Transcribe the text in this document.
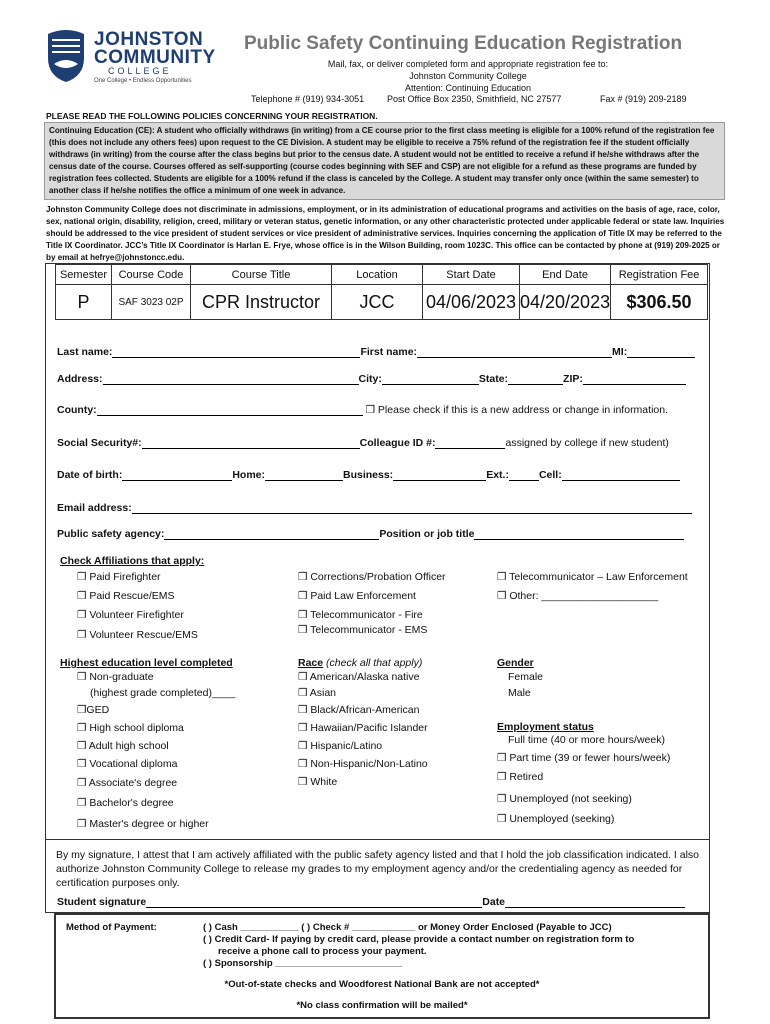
JOHNSTON
COMMUNITY
COLLEGE
One College • Endless Opportunities
Public Safety Continuing Education Registration
Mail, fax, or deliver completed form and appropriate registration fee to:
Johnston Community College
Attention: Continuing Education
Telephone # (919) 934-3051	Post Office Box 2350, Smithfield, NC 27577	Fax # (919) 209-2189
PLEASE READ THE FOLLOWING POLICIES CONCERNING YOUR REGISTRATION.
Continuing Education (CE): A student who officially withdraws (in writing) from a CE course prior to the first class meeting is eligible for a 100% refund of the registration fee (this does not include any others fees) upon request to the CE Division. A student may be eligible to receive a 75% refund of the registration fee if the student officially withdraws (in writing) from the course after the class begins but prior to the census date. A student would not be entitled to receive a refund if he/she withdraws after the census date of the course. Courses offered as self-supporting (course codes beginning with SEF and CSP) are not eligible for a refund as these programs are funded by registration fees collected. Students are eligible for a 100% refund if the class is canceled by the College. A student may transfer only once (within the same semester) to another class if he/she notifies the office a minimum of one week in advance.
Johnston Community College does not discriminate in admissions, employment, or in its administration of educational programs and activities on the basis of age, race, color, sex, national origin, disability, religion, creed, military or veteran status, genetic information, or any other characteristic protected under applicable federal or state law. Inquiries should be addressed to the vice president of student services or vice president of administrative services. Inquiries concerning the application of Title IX may be referred to the Title IX Coordinator. JCC’s Title IX Coordinator is Harlan E. Frye, whose office is in the Wilson Building, room 1023C. This office can be contacted by phone at (919) 209-2025 or by email at hefrye@johnstoncc.edu.
Semester	Course Code	Course Title	Location	Start Date	End Date	Registration Fee
P	SAF 3023 02P	CPR Instructor	JCC	04/06/2023	04/20/2023	$306.50
Last name:	First name:	MI:
Address:	City:	State:	ZIP:
County:	❒ Please check if this is a new address or change in information.
Social Security#:	Colleague ID #:	assigned by college if new student)
Date of birth:	Home:	Business:	Ext.:	Cell:
Email address:
Public safety agency:	Position or job title
Check Affiliations that apply:
❒ Paid Firefighter
❒ Paid Rescue/EMS
❒ Volunteer Firefighter
❒ Volunteer Rescue/EMS
❒ Corrections/Probation Officer
❒ Paid Law Enforcement
❒ Telecommunicator - Fire
❒ Telecommunicator - EMS
❒ Telecommunicator – Law Enforcement
❒ Other: ____________________
Highest education level completed
❒ Non-graduate
(highest grade completed)____
❒GED
❒ High school diploma
❒ Adult high school
❒ Vocational diploma
❒ Associate's degree
❒ Bachelor's degree
❒ Master's degree or higher
Race (check all that apply)
❒ American/Alaska native
❒ Asian
❒ Black/African-American
❒ Hawaiian/Pacific Islander
❒ Hispanic/Latino
❒ Non-Hispanic/Non-Latino
❒ White
Gender
Female
Male
Employment status
Full time (40 or more hours/week)
❒ Part time (39 or fewer hours/week)
❒ Retired
❒ Unemployed (not seeking)
❒ Unemployed (seeking)
By my signature, I attest that I am actively affiliated with the public safety agency listed and that I hold the job classification indicated. I also authorize Johnston Community College to release my grades to my employment agency and/or the credentialing agency as needed for certification purposes only.
Student signature	Date
Method of Payment:	( ) Cash ___________ ( ) Check # ____________ or Money Order Enclosed (Payable to JCC)
( ) Credit Card- If paying by credit card, please provide a contact number on registration form to
receive a phone call to process your payment.
( ) Sponsorship ________________________
*Out-of-state checks and Woodforest National Bank are not accepted*
*No class confirmation will be mailed*
